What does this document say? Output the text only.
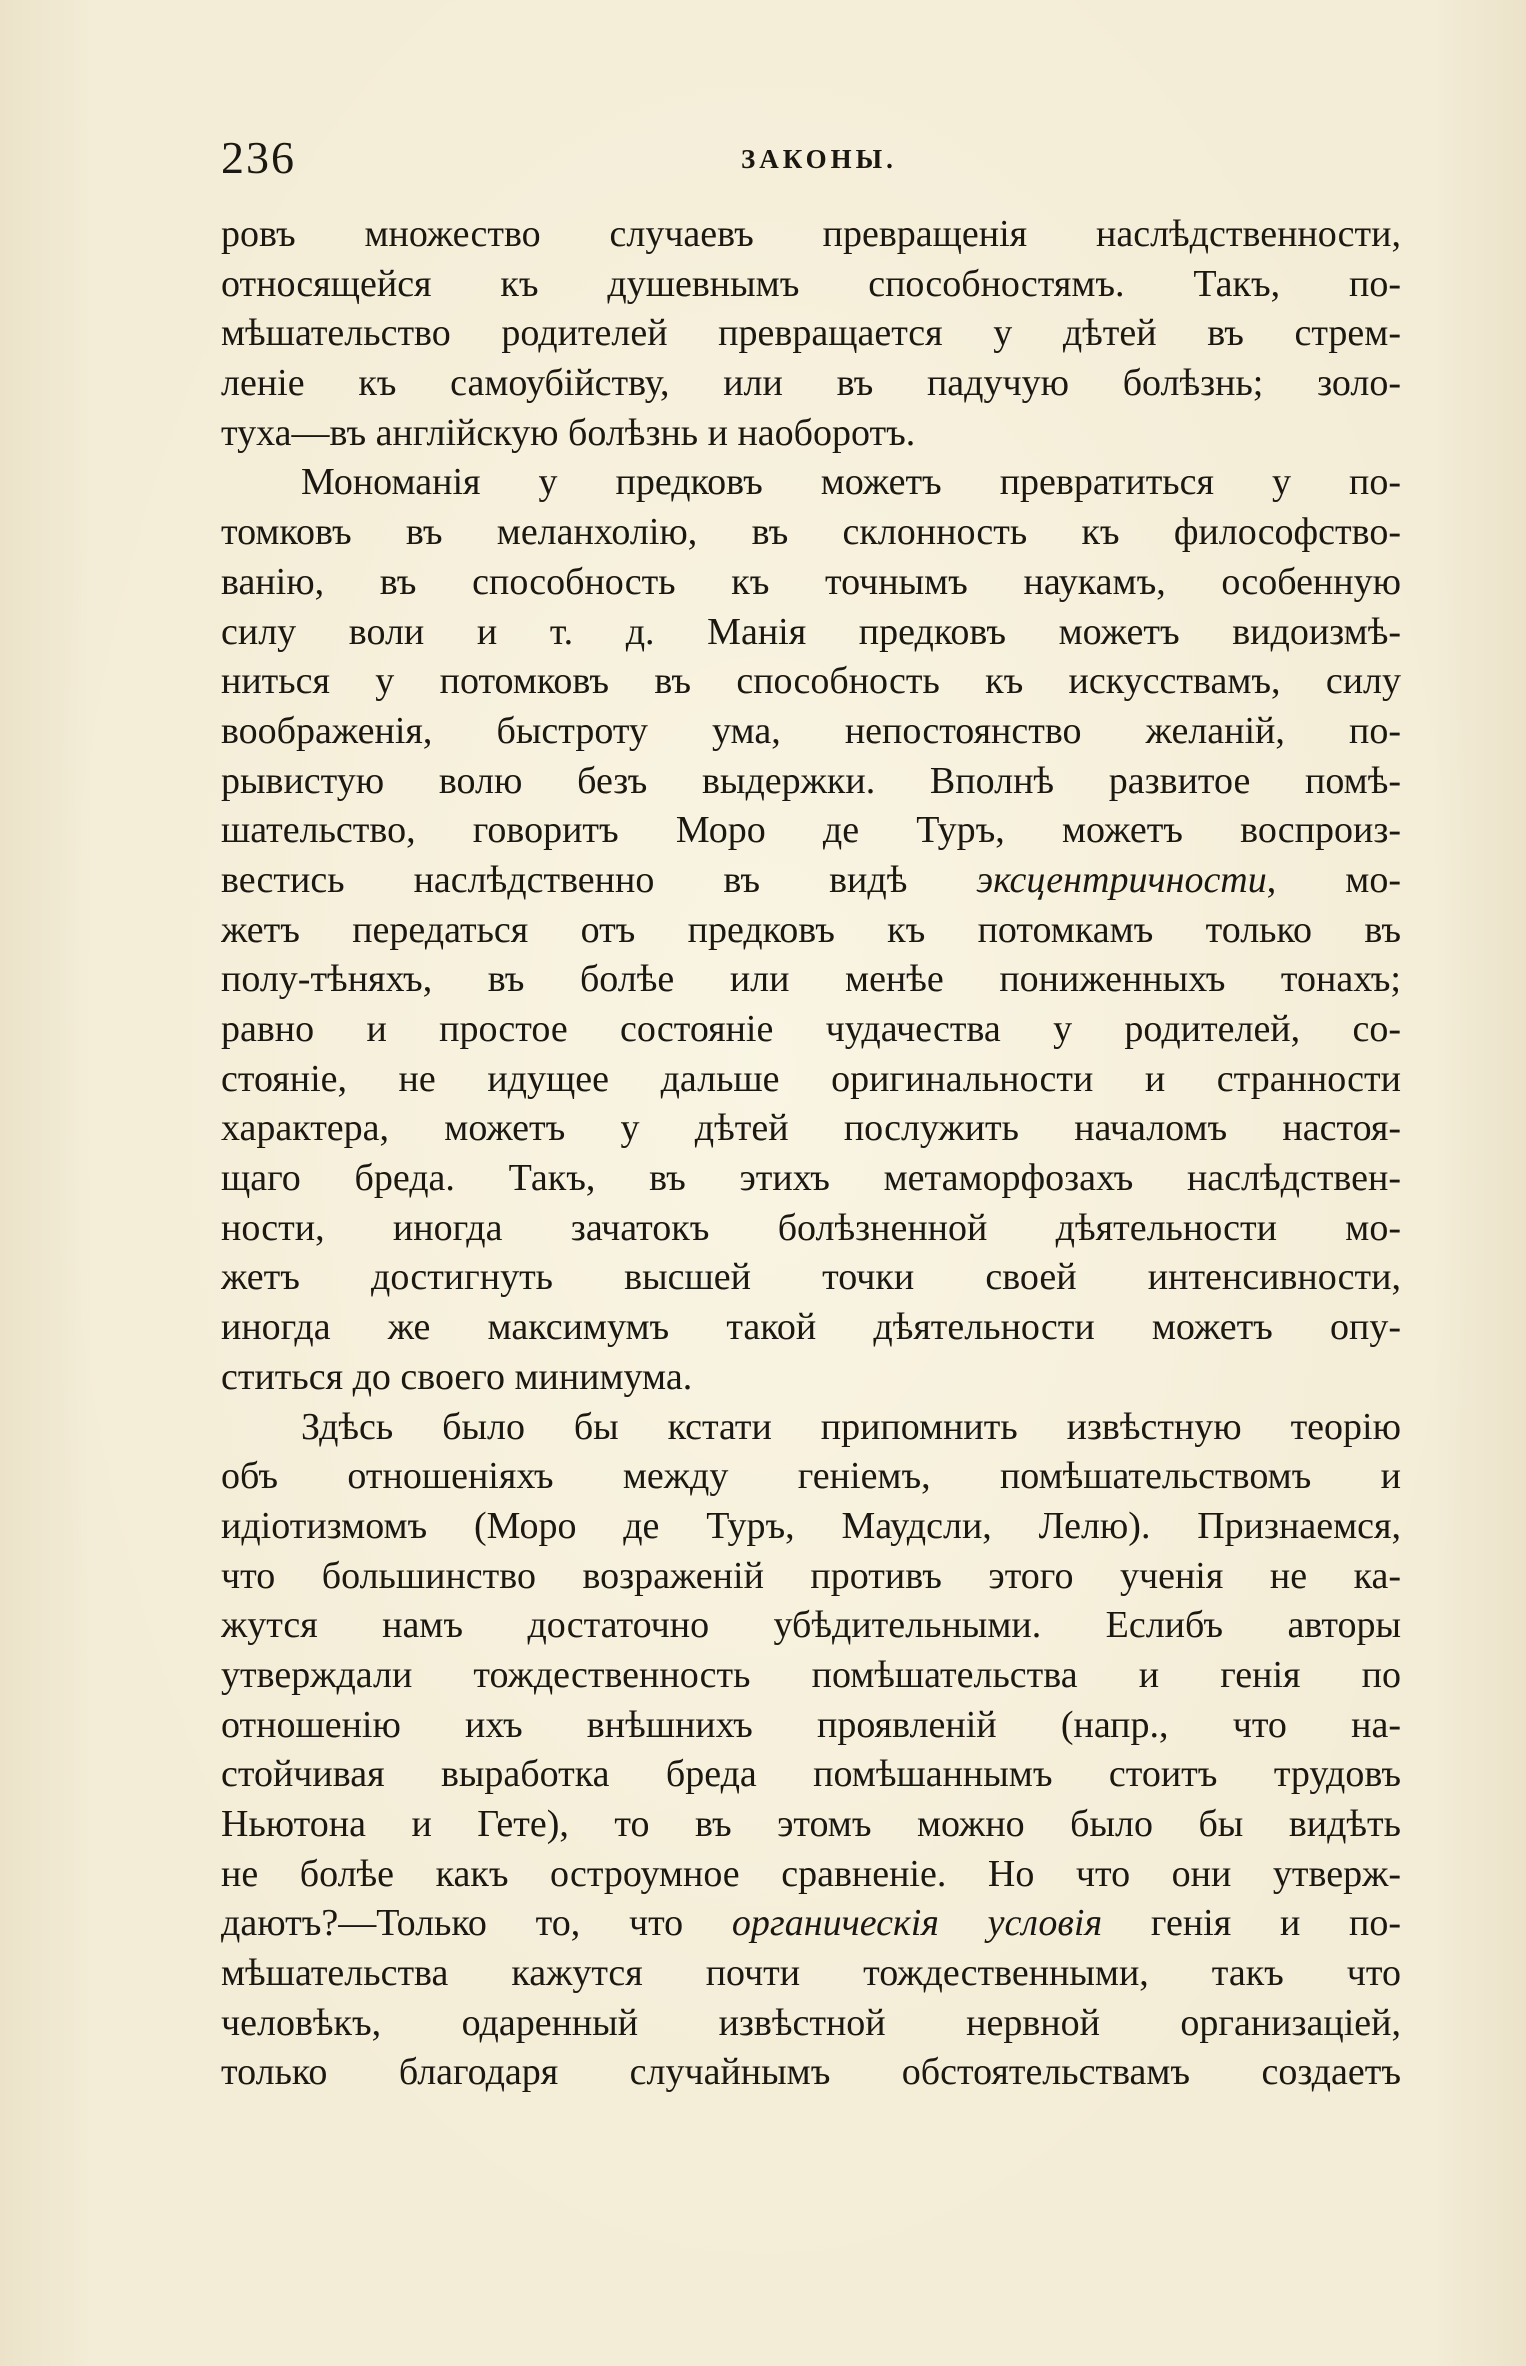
236	ЗАКОНЫ.
ровъ множество случаевъ превращенія наслѣдственности,
относящейся къ душевнымъ способностямъ. Такъ, по-
мѣшательство родителей превращается у дѣтей въ стрем-
леніе къ самоубійству, или въ падучую болѣзнь; золо-
туха—въ англійскую болѣзнь и наоборотъ.
Мономанія у предковъ можетъ превратиться у по-
томковъ въ меланхолію, въ склонность къ философство-
ванію, въ способность къ точнымъ наукамъ, особенную
силу воли и т. д. Манія предковъ можетъ видоизмѣ-
ниться у потомковъ въ способность къ искусствамъ, силу
воображенія, быстроту ума, непостоянство желаній, по-
рывистую волю безъ выдержки. Вполнѣ развитое помѣ-
шательство, говоритъ Моро де Туръ, можетъ воспроиз-
вестись наслѣдственно въ видѣ эксцентричности, мо-
жетъ передаться отъ предковъ къ потомкамъ только въ
полу-тѣняхъ, въ болѣе или менѣе пониженныхъ тонахъ;
равно и простое состояніе чудачества у родителей, со-
стояніе, не идущее дальше оригинальности и странности
характера, можетъ у дѣтей послужить началомъ настоя-
щаго бреда. Такъ, въ этихъ метаморфозахъ наслѣдствен-
ности, иногда зачатокъ болѣзненной дѣятельности мо-
жетъ достигнуть высшей точки своей интенсивности,
иногда же максимумъ такой дѣятельности можетъ опу-
ститься до своего минимума.
Здѣсь было бы кстати припомнить извѣстную теорію
объ отношеніяхъ между геніемъ, помѣшательствомъ и
идіотизмомъ (Моро де Туръ, Маудсли, Лелю). Признаемся,
что большинство возраженій противъ этого ученія не ка-
жутся намъ достаточно убѣдительными. Еслибъ авторы
утверждали тождественность помѣшательства и генія по
отношенію ихъ внѣшнихъ проявленій (напр., что на-
стойчивая выработка бреда помѣшаннымъ стоитъ трудовъ
Ньютона и Гете), то въ этомъ можно было бы видѣть
не болѣе какъ остроумное сравненіе. Но что они утверж-
даютъ?—Только то, что органическія условія генія и по-
мѣшательства кажутся почти тождественными, такъ что
человѣкъ, одаренный извѣстной нервной организаціей,
только благодаря случайнымъ обстоятельствамъ создаетъ
